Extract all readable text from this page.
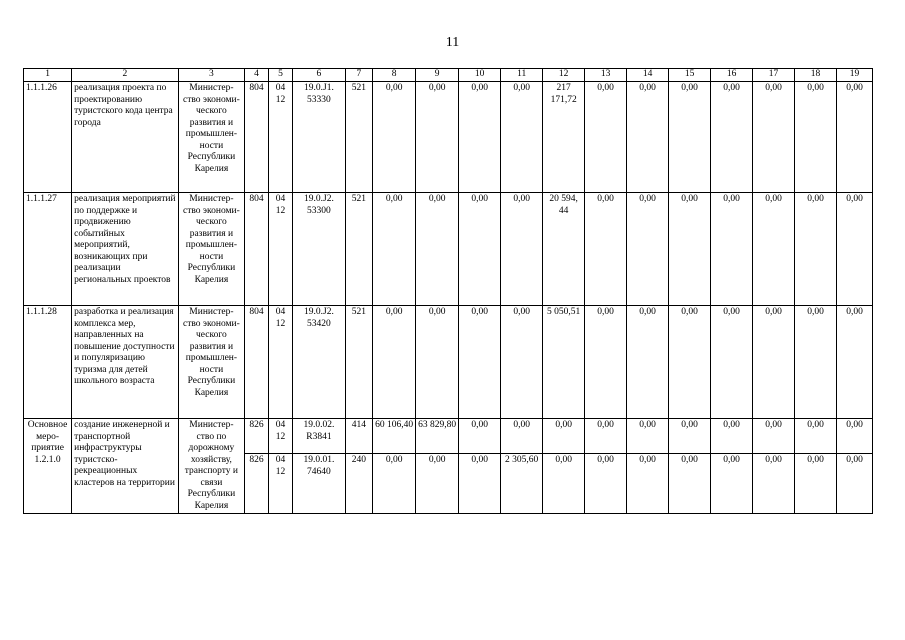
11
1	2	3	4	5	6	7	8	9	10	11	12	13	14	15	16	17	18	19
1.1.1.26	реализация проекта по проектированию туристского кода центра города	Министер-ство экономи-ческого развития и промышлен-ности Республики Карелия	804	04 12	19.0.J1. 53330	521	0,00	0,00	0,00	0,00	217 171,72	0,00	0,00	0,00	0,00	0,00	0,00	0,00
1.1.1.27	реализация мероприятий по поддержке и продвижению событийных мероприятий, возникающих при реализации региональных проектов	Министер-ство экономи-ческого развития и промышлен-ности Республики Карелия	804	04 12	19.0.J2. 53300	521	0,00	0,00	0,00	0,00	20 594, 44	0,00	0,00	0,00	0,00	0,00	0,00	0,00
1.1.1.28	разработка и реализация комплекса мер, направленных на повышение доступности и популяризацию туризма для детей школьного возраста	Министер-ство экономи-ческого развития и промышлен-ности Республики Карелия	804	04 12	19.0.J2. 53420	521	0,00	0,00	0,00	0,00	5 050,51	0,00	0,00	0,00	0,00	0,00	0,00	0,00
Основное меро-приятие 1.2.1.0	создание инженерной и транспортной инфраструктуры туристско-рекреационных кластеров на территории	Министер-ство по дорожному хозяйству, транспорту и связи Республики Карелия	826	04 12	19.0.02. R3841	414	60 106,40	63 829,80	0,00	0,00	0,00	0,00	0,00	0,00	0,00	0,00	0,00	0,00
			826	04 12	19.0.01. 74640	240	0,00	0,00	0,00	2 305,60	0,00	0,00	0,00	0,00	0,00	0,00	0,00	0,00
